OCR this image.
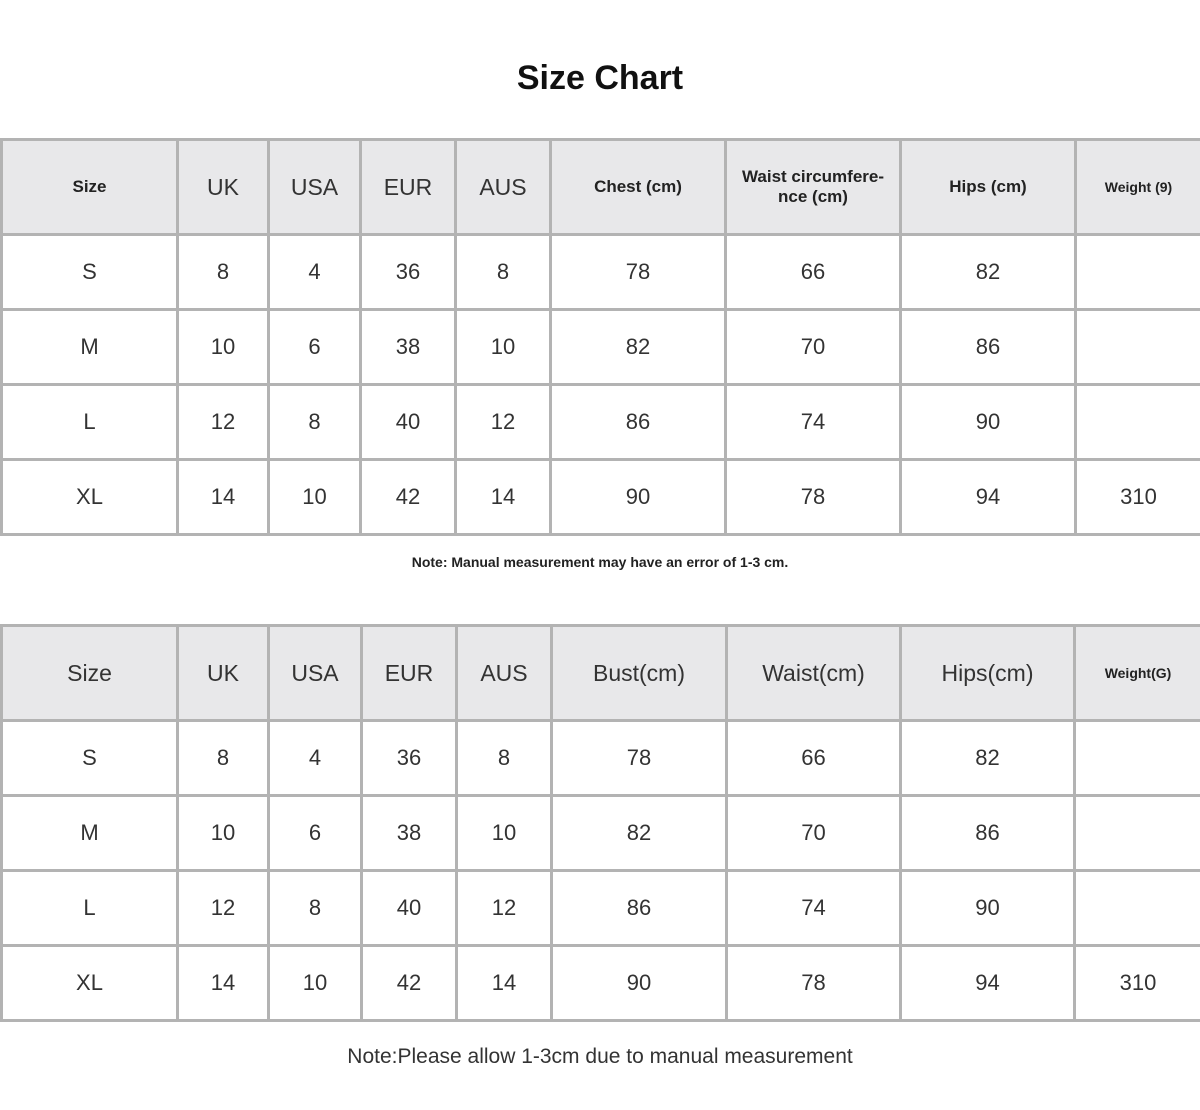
Size Chart
Size	UK	USA	EUR	AUS	Chest (cm)	Waist circumfere-nce (cm)	Hips (cm)	Weight (9)
S	8	4	36	8	78	66	82	
M	10	6	38	10	82	70	86	
L	12	8	40	12	86	74	90	
XL	14	10	42	14	90	78	94	310

Note: Manual measurement may have an error of 1-3 cm.

Size	UK	USA	EUR	AUS	Bust(cm)	Waist(cm)	Hips(cm)	Weight(G)
S	8	4	36	8	78	66	82	
M	10	6	38	10	82	70	86	
L	12	8	40	12	86	74	90	
XL	14	10	42	14	90	78	94	310

Note:Please allow 1-3cm due to manual measurement
